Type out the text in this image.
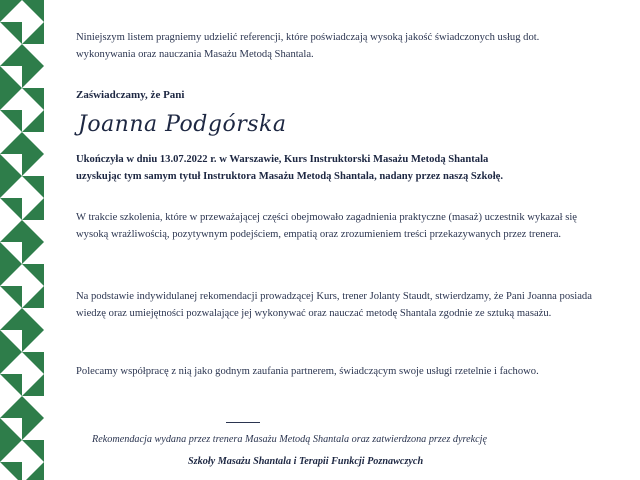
Niniejszym listem pragniemy udzielić referencji, które poświadczają wysoką jakość świadczonych usług dot. wykonywania oraz nauczania Masażu Metodą Shantala.

Zaświadczamy, że Pani

Joanna Podgórska

Ukończyła w dniu 13.07.2022 r. w Warszawie, Kurs Instruktorski Masażu Metodą Shantala

uzyskując tym samym tytuł Instruktora Masażu Metodą Shantala, nadany przez naszą Szkołę.

W trakcie szkolenia, które w przeważającej części obejmowało zagadnienia praktyczne (masaż) uczestnik wykazał się wysoką wrażliwością, pozytywnym podejściem, empatią oraz zrozumieniem treści przekazywanych przez trenera.

Na podstawie indywidulanej rekomendacji prowadzącej Kurs, trener Jolanty Staudt, stwierdzamy, że Pani Joanna posiada wiedzę oraz umiejętności pozwalające jej wykonywać oraz nauczać metodę Shantala zgodnie ze sztuką masażu.

Polecamy współpracę z nią jako godnym zaufania partnerem, świadczącym swoje usługi rzetelnie i fachowo.

Rekomendacja wydana przez trenera Masażu Metodą Shantala oraz zatwierdzona przez dyrekcję
Szkoły Masażu Shantala i Terapii Funkcji Poznawczych
